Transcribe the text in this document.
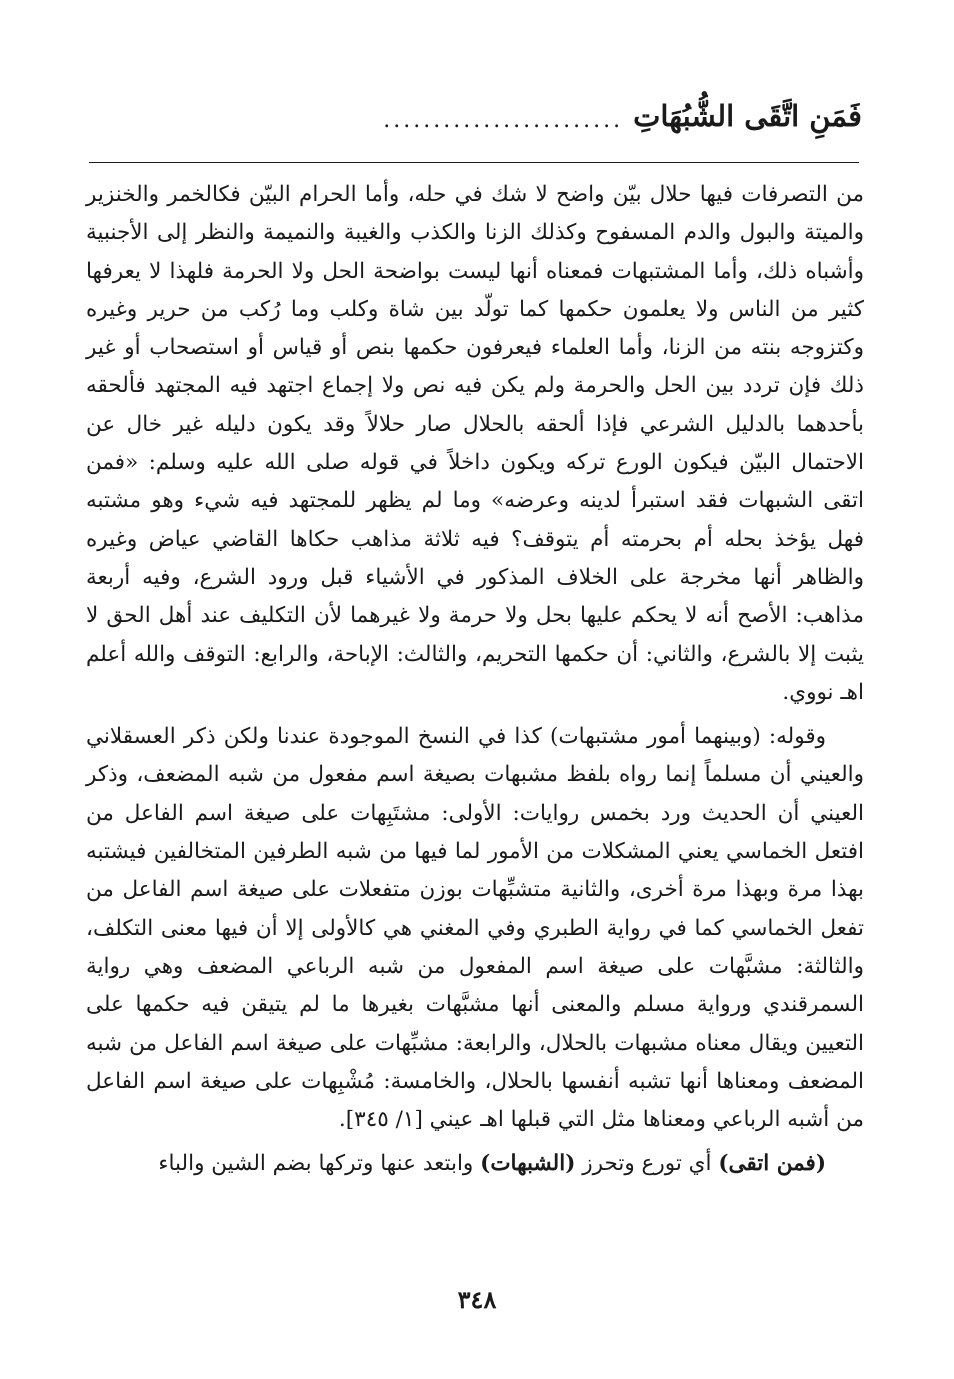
فَمَنِ اتَّقَى الشُّبُهَاتِ
........................

من التصرفات فيها حلال بيّن واضح لا شك في حله، وأما الحرام البيّن فكالخمر والخنزير والميتة والبول والدم المسفوح وكذلك الزنا والكذب والغيبة والنميمة والنظر إلى الأجنبية وأشباه ذلك، وأما المشتبهات فمعناه أنها ليست بواضحة الحل ولا الحرمة فلهذا لا يعرفها كثير من الناس ولا يعلمون حكمها كما تولّد بين شاة وكلب وما رُكب من حرير وغيره وكتزوجه بنته من الزنا، وأما العلماء فيعرفون حكمها بنص أو قياس أو استصحاب أو غير ذلك فإن تردد بين الحل والحرمة ولم يكن فيه نص ولا إجماع اجتهد فيه المجتهد فألحقه بأحدهما بالدليل الشرعي فإذا ألحقه بالحلال صار حلالاً وقد يكون دليله غير خال عن الاحتمال البيّن فيكون الورع تركه ويكون داخلاً في قوله صلى الله عليه وسلم: «فمن اتقى الشبهات فقد استبرأ لدينه وعرضه» وما لم يظهر للمجتهد فيه شيء وهو مشتبه فهل يؤخذ بحله أم بحرمته أم يتوقف؟ فيه ثلاثة مذاهب حكاها القاضي عياض وغيره والظاهر أنها مخرجة على الخلاف المذكور في الأشياء قبل ورود الشرع، وفيه أربعة مذاهب: الأصح أنه لا يحكم عليها بحل ولا حرمة ولا غيرهما لأن التكليف عند أهل الحق لا يثبت إلا بالشرع، والثاني: أن حكمها التحريم، والثالث: الإباحة، والرابع: التوقف والله أعلم اهـ نووي.

وقوله: (وبينهما أمور مشتبهات) كذا في النسخ الموجودة عندنا ولكن ذكر العسقلاني والعيني أن مسلماً إنما رواه بلفظ مشبهات بصيغة اسم مفعول من شبه المضعف، وذكر العيني أن الحديث ورد بخمس روايات: الأولى: مشتَبِهات على صيغة اسم الفاعل من افتعل الخماسي يعني المشكلات من الأمور لما فيها من شبه الطرفين المتخالفين فيشتبه بهذا مرة وبهذا مرة أخرى، والثانية متشبِّهات بوزن متفعلات على صيغة اسم الفاعل من تفعل الخماسي كما في رواية الطبري وفي المغني هي كالأولى إلا أن فيها معنى التكلف، والثالثة: مشبَّهات على صيغة اسم المفعول من شبه الرباعي المضعف وهي رواية السمرقندي ورواية مسلم والمعنى أنها مشبَّهات بغيرها ما لم يتيقن فيه حكمها على التعيين ويقال معناه مشبهات بالحلال، والرابعة: مشبِّهات على صيغة اسم الفاعل من شبه المضعف ومعناها أنها تشبه أنفسها بالحلال، والخامسة: مُشْبِهات على صيغة اسم الفاعل من أشبه الرباعي ومعناها مثل التي قبلها اهـ عيني [١/ ٣٤٥].

(فمن اتقى) أي تورع وتحرز (الشبهات) وابتعد عنها وتركها بضم الشين والباء

٣٤٨
